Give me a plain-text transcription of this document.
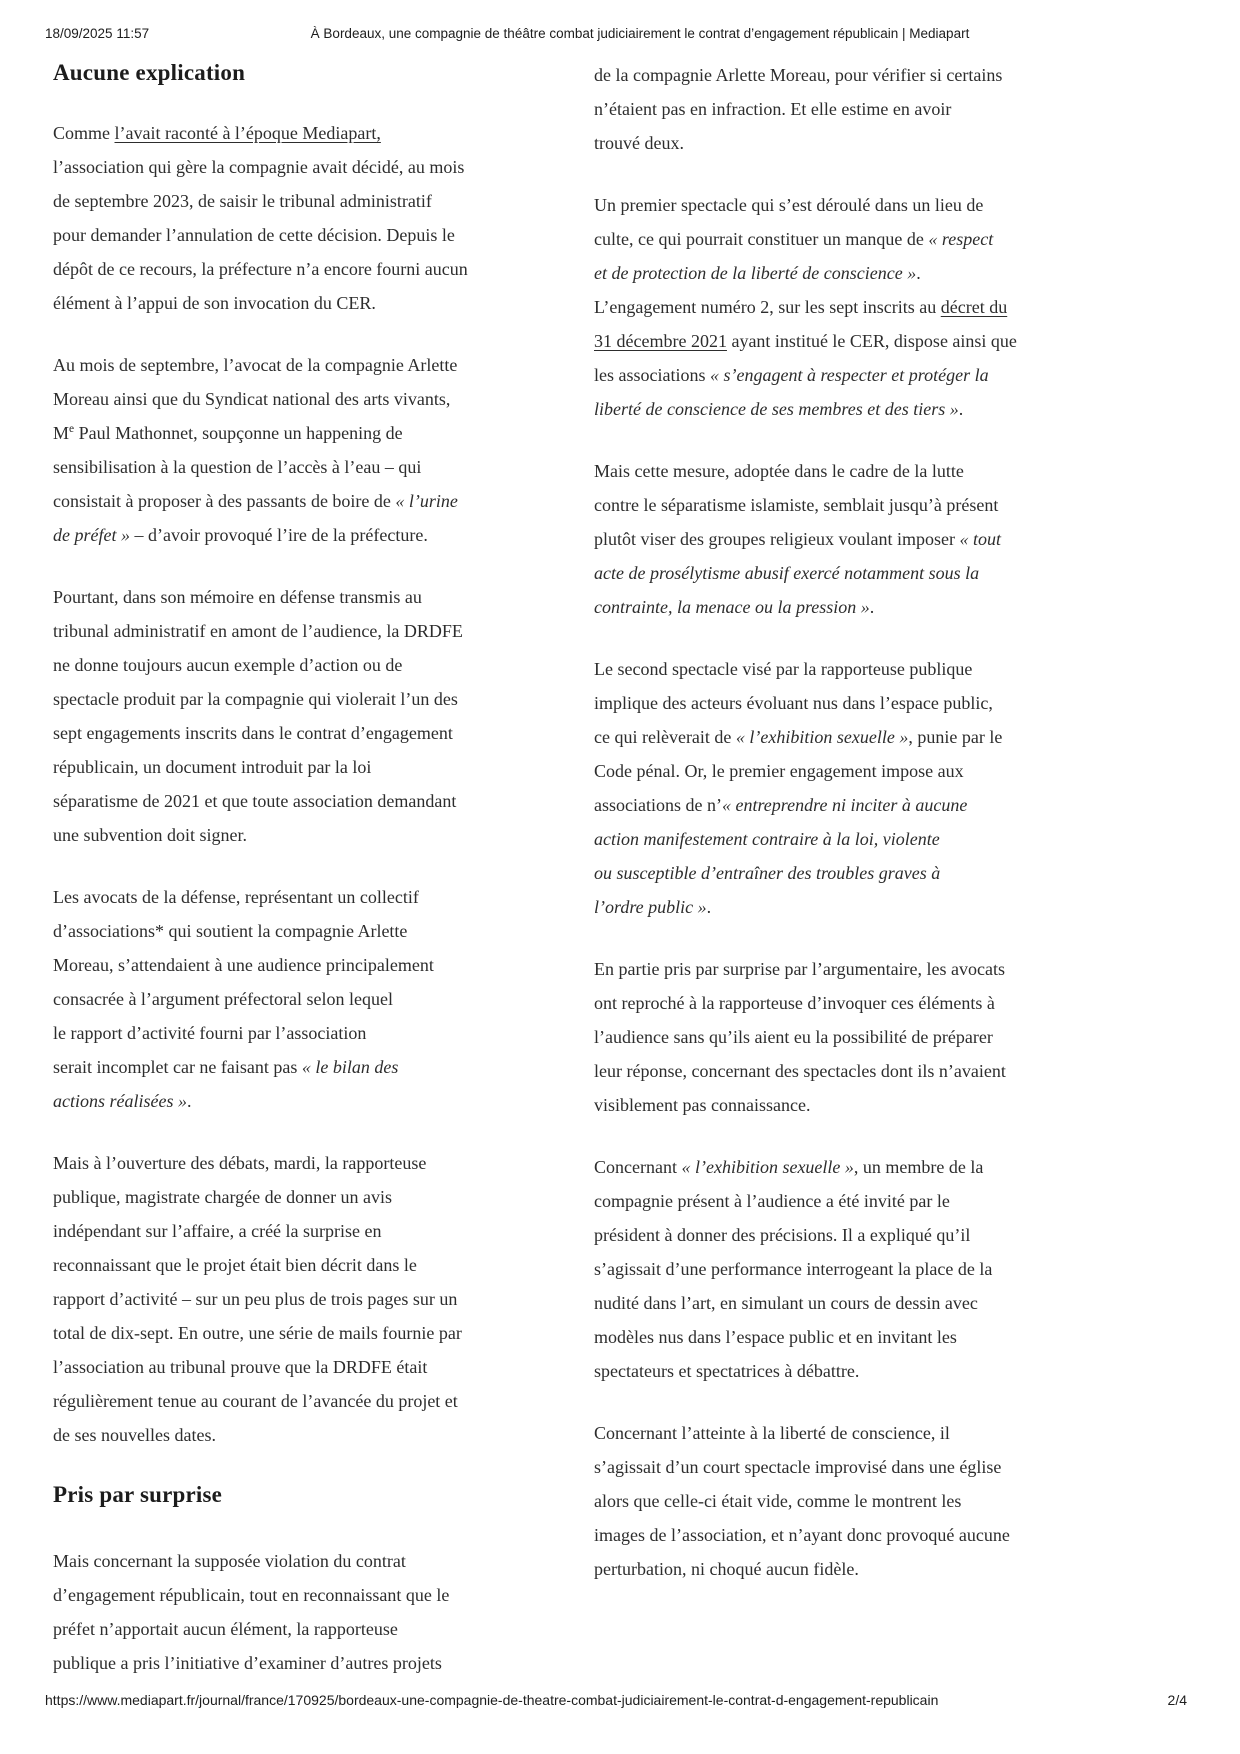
18/09/2025 11:57	À Bordeaux, une compagnie de théâtre combat judiciairement le contrat d’engagement républicain | Mediapart
Aucune explication

Comme l’avait raconté à l’époque Mediapart,
l’association qui gère la compagnie avait décidé, au mois
de septembre 2023, de saisir le tribunal administratif
pour demander l’annulation de cette décision. Depuis le
dépôt de ce recours, la préfecture n’a encore fourni aucun
élément à l’appui de son invocation du CER.

Au mois de septembre, l’avocat de la compagnie Arlette
Moreau ainsi que du Syndicat national des arts vivants,
Me Paul Mathonnet, soupçonne un happening de
sensibilisation à la question de l’accès à l’eau – qui
consistait à proposer à des passants de boire de « l’urine
de préfet » – d’avoir provoqué l’ire de la préfecture.

Pourtant, dans son mémoire en défense transmis au
tribunal administratif en amont de l’audience, la DRDFE
ne donne toujours aucun exemple d’action ou de
spectacle produit par la compagnie qui violerait l’un des
sept engagements inscrits dans le contrat d’engagement
républicain, un document introduit par la loi
séparatisme de 2021 et que toute association demandant
une subvention doit signer.

Les avocats de la défense, représentant un collectif
d’associations* qui soutient la compagnie Arlette
Moreau, s’attendaient à une audience principalement
consacrée à l’argument préfectoral selon lequel
le rapport d’activité fourni par l’association
serait incomplet car ne faisant pas « le bilan des
actions réalisées ».

Mais à l’ouverture des débats, mardi, la rapporteuse
publique, magistrate chargée de donner un avis
indépendant sur l’affaire, a créé la surprise en
reconnaissant que le projet était bien décrit dans le
rapport d’activité – sur un peu plus de trois pages sur un
total de dix-sept. En outre, une série de mails fournie par
l’association au tribunal prouve que la DRDFE était
régulièrement tenue au courant de l’avancée du projet et
de ses nouvelles dates.

Pris par surprise

Mais concernant la supposée violation du contrat
d’engagement républicain, tout en reconnaissant que le
préfet n’apportait aucun élément, la rapporteuse
publique a pris l’initiative d’examiner d’autres projets

de la compagnie Arlette Moreau, pour vérifier si certains
n’étaient pas en infraction. Et elle estime en avoir
trouvé deux.

Un premier spectacle qui s’est déroulé dans un lieu de
culte, ce qui pourrait constituer un manque de « respect
et de protection de la liberté de conscience ».
L’engagement numéro 2, sur les sept inscrits au décret du
31 décembre 2021 ayant institué le CER, dispose ainsi que
les associations « s’engagent à respecter et protéger la
liberté de conscience de ses membres et des tiers ».

Mais cette mesure, adoptée dans le cadre de la lutte
contre le séparatisme islamiste, semblait jusqu’à présent
plutôt viser des groupes religieux voulant imposer « tout
acte de prosélytisme abusif exercé notamment sous la
contrainte, la menace ou la pression ».

Le second spectacle visé par la rapporteuse publique
implique des acteurs évoluant nus dans l’espace public,
ce qui relèverait de « l’exhibition sexuelle », punie par le
Code pénal. Or, le premier engagement impose aux
associations de n’« entreprendre ni inciter à aucune
action manifestement contraire à la loi, violente
ou susceptible d’entraîner des troubles graves à
l’ordre public ».

En partie pris par surprise par l’argumentaire, les avocats
ont reproché à la rapporteuse d’invoquer ces éléments à
l’audience sans qu’ils aient eu la possibilité de préparer
leur réponse, concernant des spectacles dont ils n’avaient
visiblement pas connaissance.

Concernant « l’exhibition sexuelle », un membre de la
compagnie présent à l’audience a été invité par le
président à donner des précisions. Il a expliqué qu’il
s’agissait d’une performance interrogeant la place de la
nudité dans l’art, en simulant un cours de dessin avec
modèles nus dans l’espace public et en invitant les
spectateurs et spectatrices à débattre.

Concernant l’atteinte à la liberté de conscience, il
s’agissait d’un court spectacle improvisé dans une église
alors que celle-ci était vide, comme le montrent les
images de l’association, et n’ayant donc provoqué aucune
perturbation, ni choqué aucun fidèle.

https://www.mediapart.fr/journal/france/170925/bordeaux-une-compagnie-de-theatre-combat-judiciairement-le-contrat-d-engagement-republicain	2/4
